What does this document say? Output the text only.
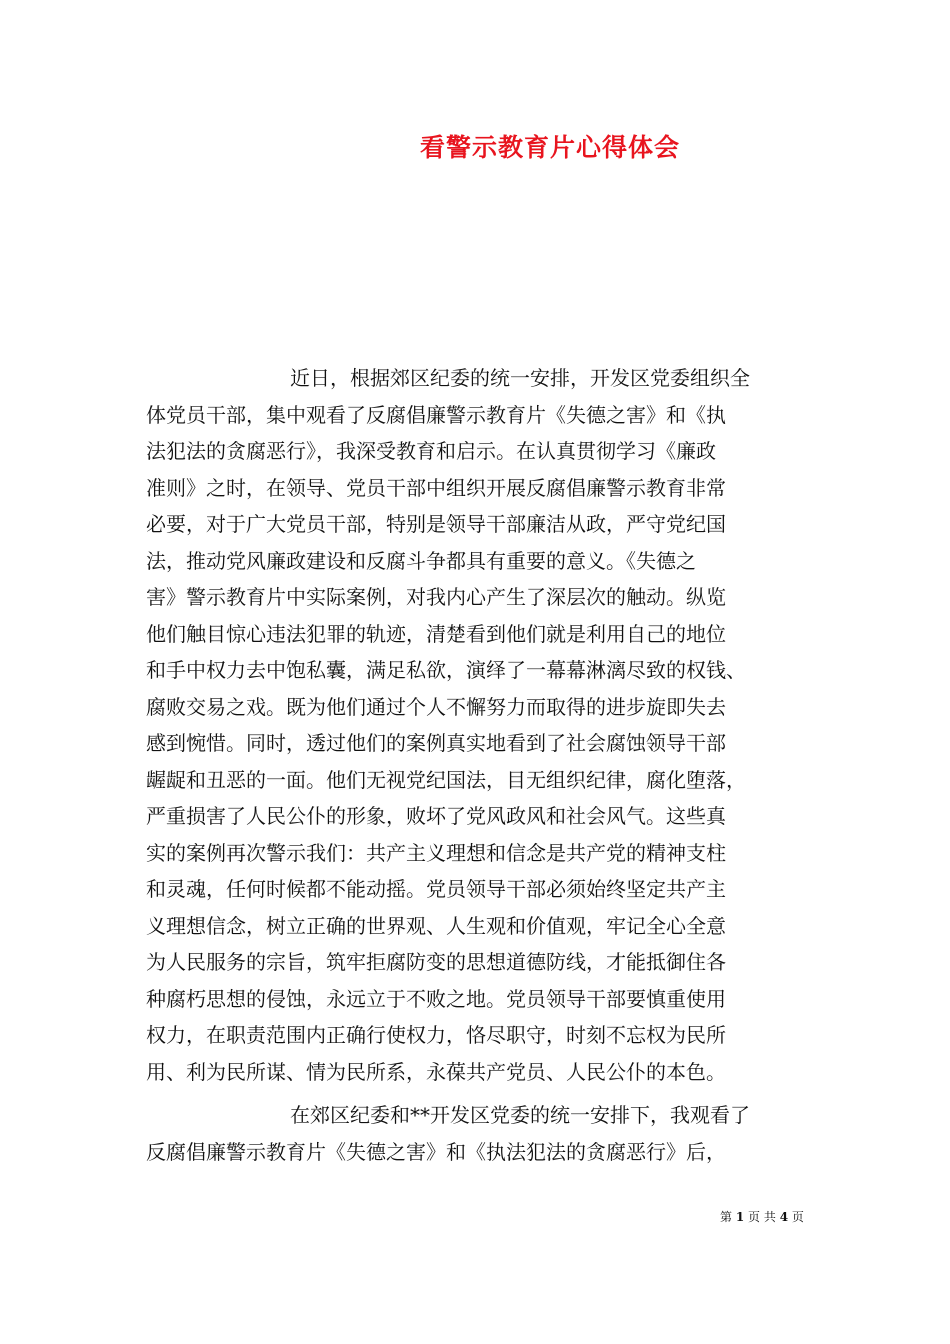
看警示教育片心得体会
近日，根据郊区纪委的统一安排，开发区党委组织全
体党员干部，集中观看了反腐倡廉警示教育片《失德之害》和《执
法犯法的贪腐恶行》，我深受教育和启示。在认真贯彻学习《廉政
准则》之时，在领导、党员干部中组织开展反腐倡廉警示教育非常
必要，对于广大党员干部，特别是领导干部廉洁从政，严守党纪国
法，推动党风廉政建设和反腐斗争都具有重要的意义。《失德之
害》警示教育片中实际案例，对我内心产生了深层次的触动。纵览
他们触目惊心违法犯罪的轨迹，清楚看到他们就是利用自己的地位
和手中权力去中饱私囊，满足私欲，演绎了一幕幕淋漓尽致的权钱、
腐败交易之戏。既为他们通过个人不懈努力而取得的进步旋即失去
感到惋惜。同时，透过他们的案例真实地看到了社会腐蚀领导干部
龌龊和丑恶的一面。他们无视党纪国法，目无组织纪律，腐化堕落，
严重损害了人民公仆的形象，败坏了党风政风和社会风气。这些真
实的案例再次警示我们：共产主义理想和信念是共产党的精神支柱
和灵魂，任何时候都不能动摇。党员领导干部必须始终坚定共产主
义理想信念，树立正确的世界观、人生观和价值观，牢记全心全意
为人民服务的宗旨，筑牢拒腐防变的思想道德防线，才能抵御住各
种腐朽思想的侵蚀，永远立于不败之地。党员领导干部要慎重使用
权力，在职责范围内正确行使权力，恪尽职守，时刻不忘权为民所
用、利为民所谋、情为民所系，永葆共产党员、人民公仆的本色。
在郊区纪委和**开发区党委的统一安排下，我观看了
反腐倡廉警示教育片《失德之害》和《执法犯法的贪腐恶行》后，
第 1 页 共 4 页
